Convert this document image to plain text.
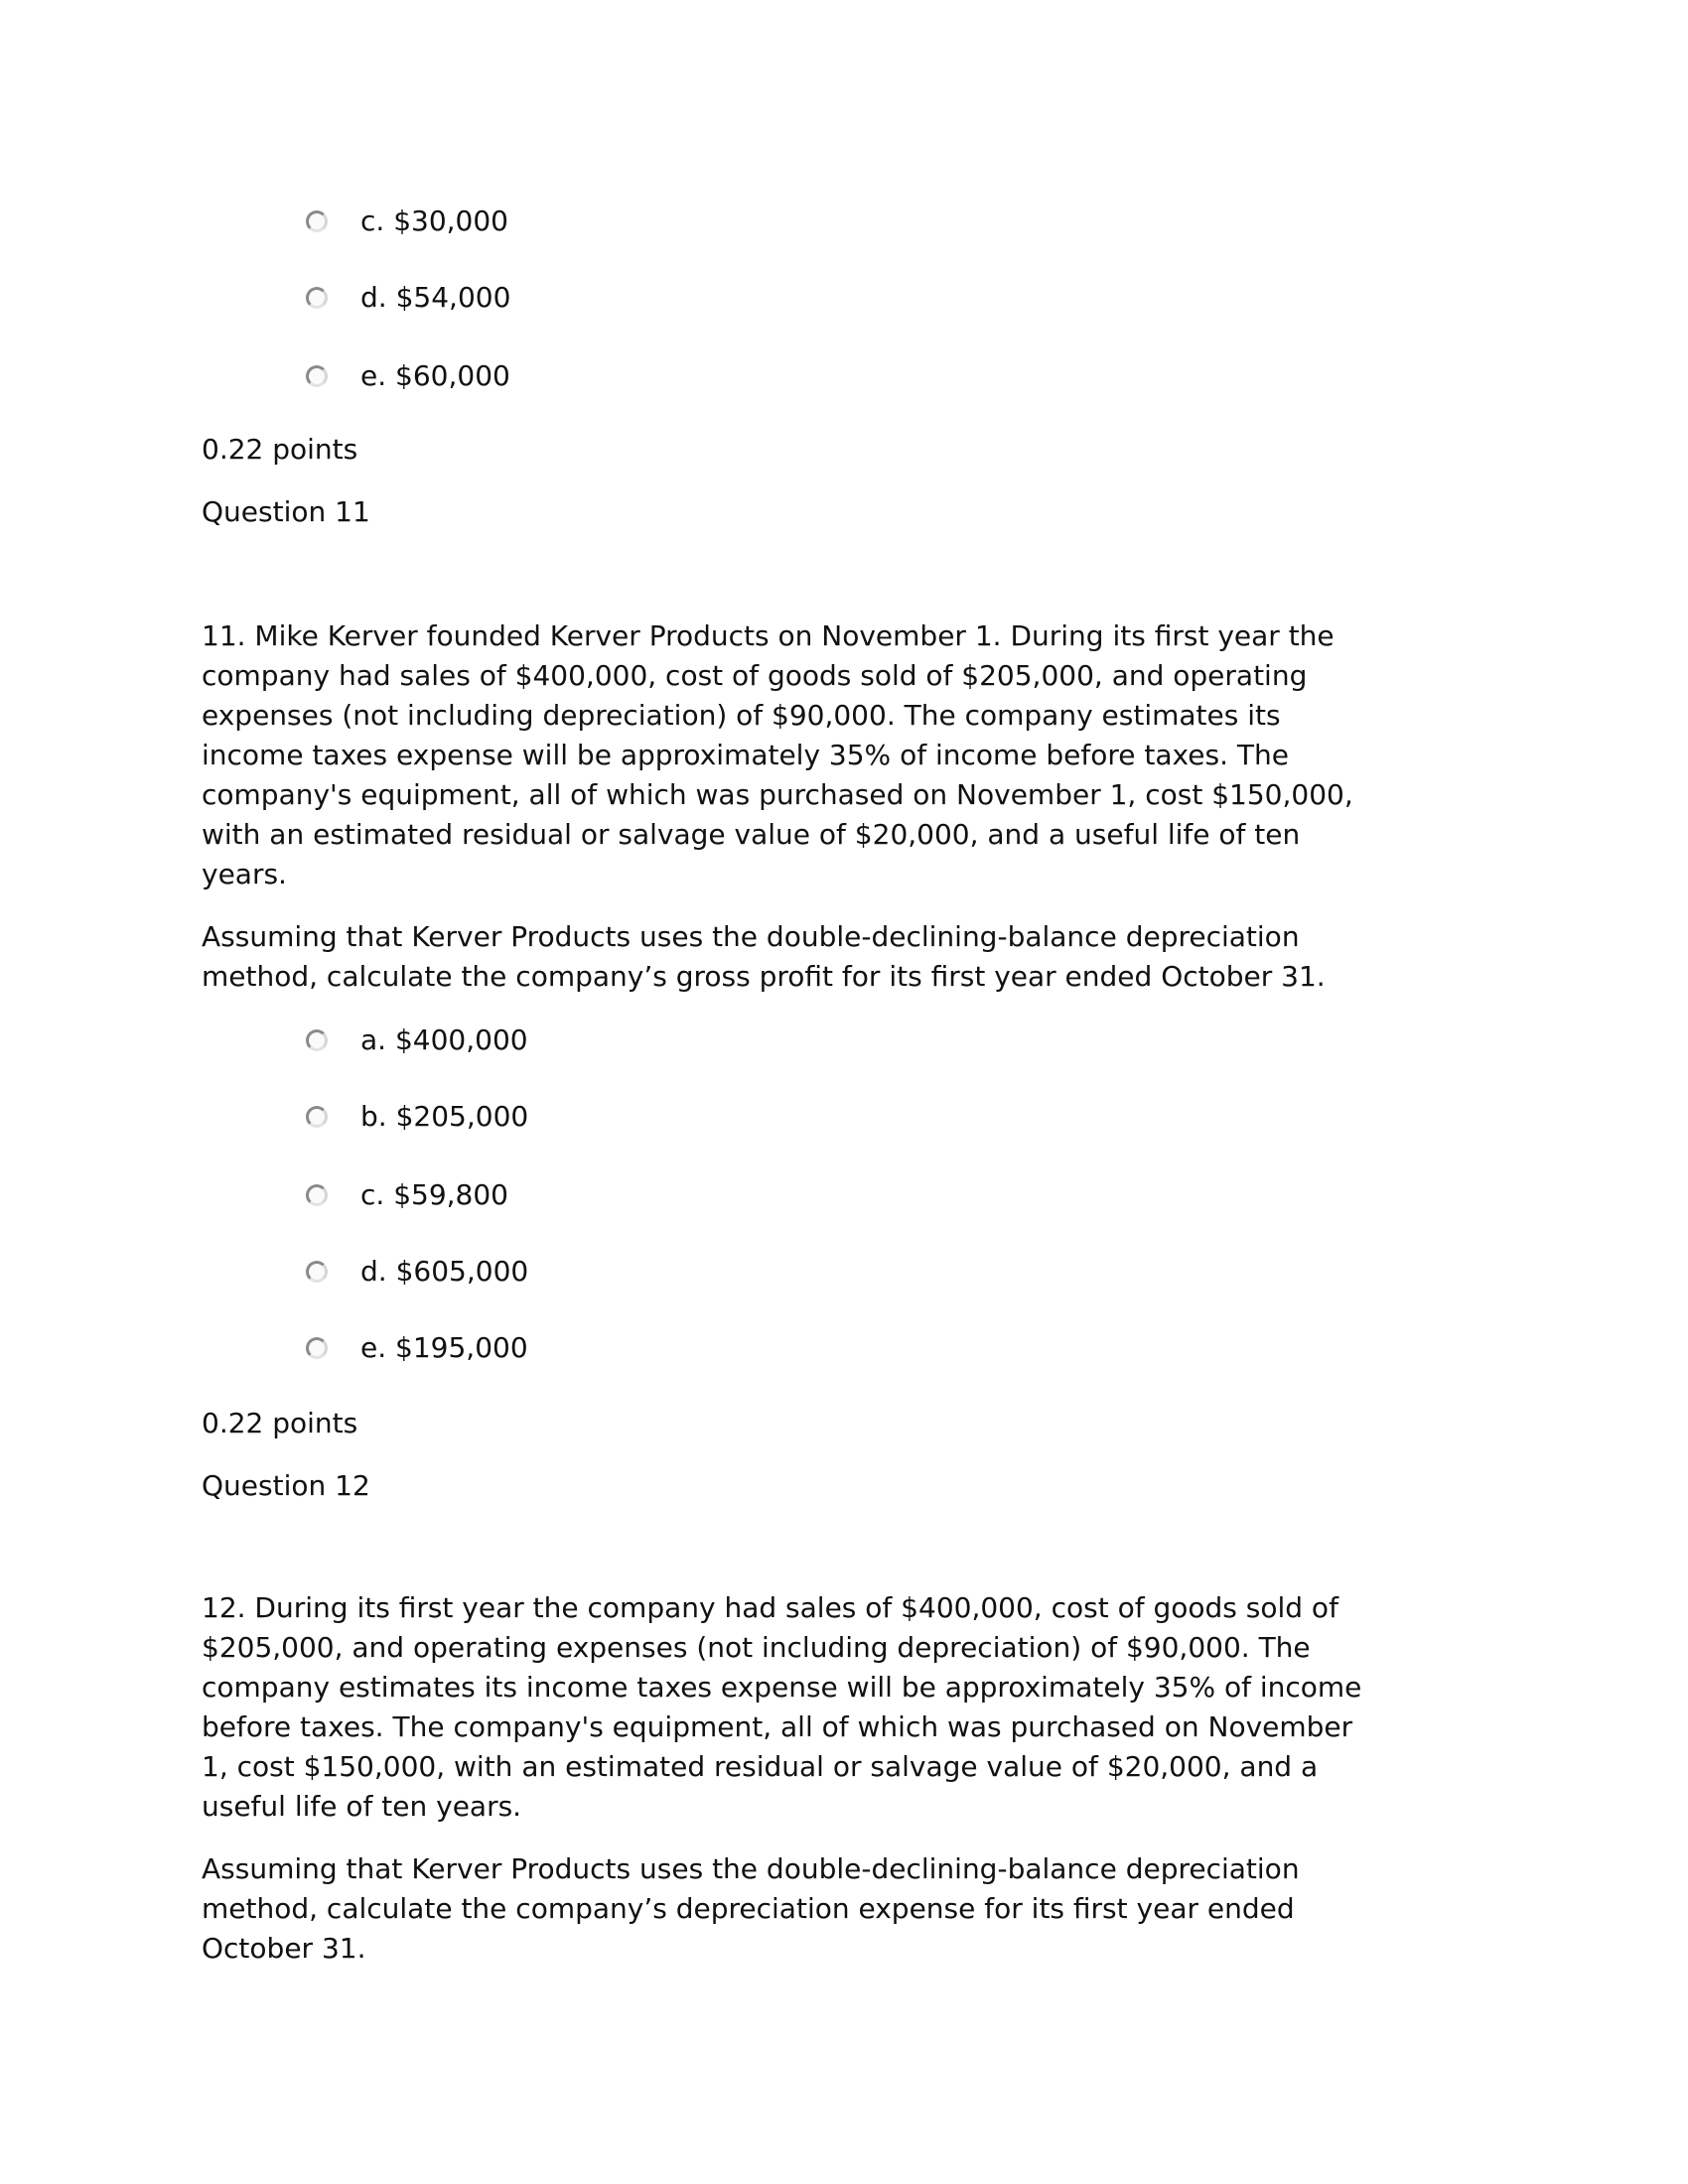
c.
$30,000
d.
$54,000
e.
$60,000
0.22 points
Question 11
11. Mike Kerver founded Kerver Products on November 1. During its first year the
company had sales of $400,000, cost of goods sold of $205,000, and operating
expenses (not including depreciation) of $90,000. The company estimates its
income taxes expense will be approximately 35% of income before taxes. The
company's equipment, all of which was purchased on November 1, cost $150,000,
with an estimated residual or salvage value of $20,000, and a useful life of ten
years.
Assuming that Kerver Products uses the double-declining-balance depreciation
method, calculate the company’s gross profit for its first year ended October 31.
a.
$400,000
b.
$205,000
c.
$59,800
d.
$605,000
e.
$195,000
0.22 points
Question 12
12. During its first year the company had sales of $400,000, cost of goods sold of
$205,000, and operating expenses (not including depreciation) of $90,000. The
company estimates its income taxes expense will be approximately 35% of income
before taxes. The company's equipment, all of which was purchased on November
1, cost $150,000, with an estimated residual or salvage value of $20,000, and a
useful life of ten years.
Assuming that Kerver Products uses the double-declining-balance depreciation
method, calculate the company’s depreciation expense for its first year ended
October 31.
